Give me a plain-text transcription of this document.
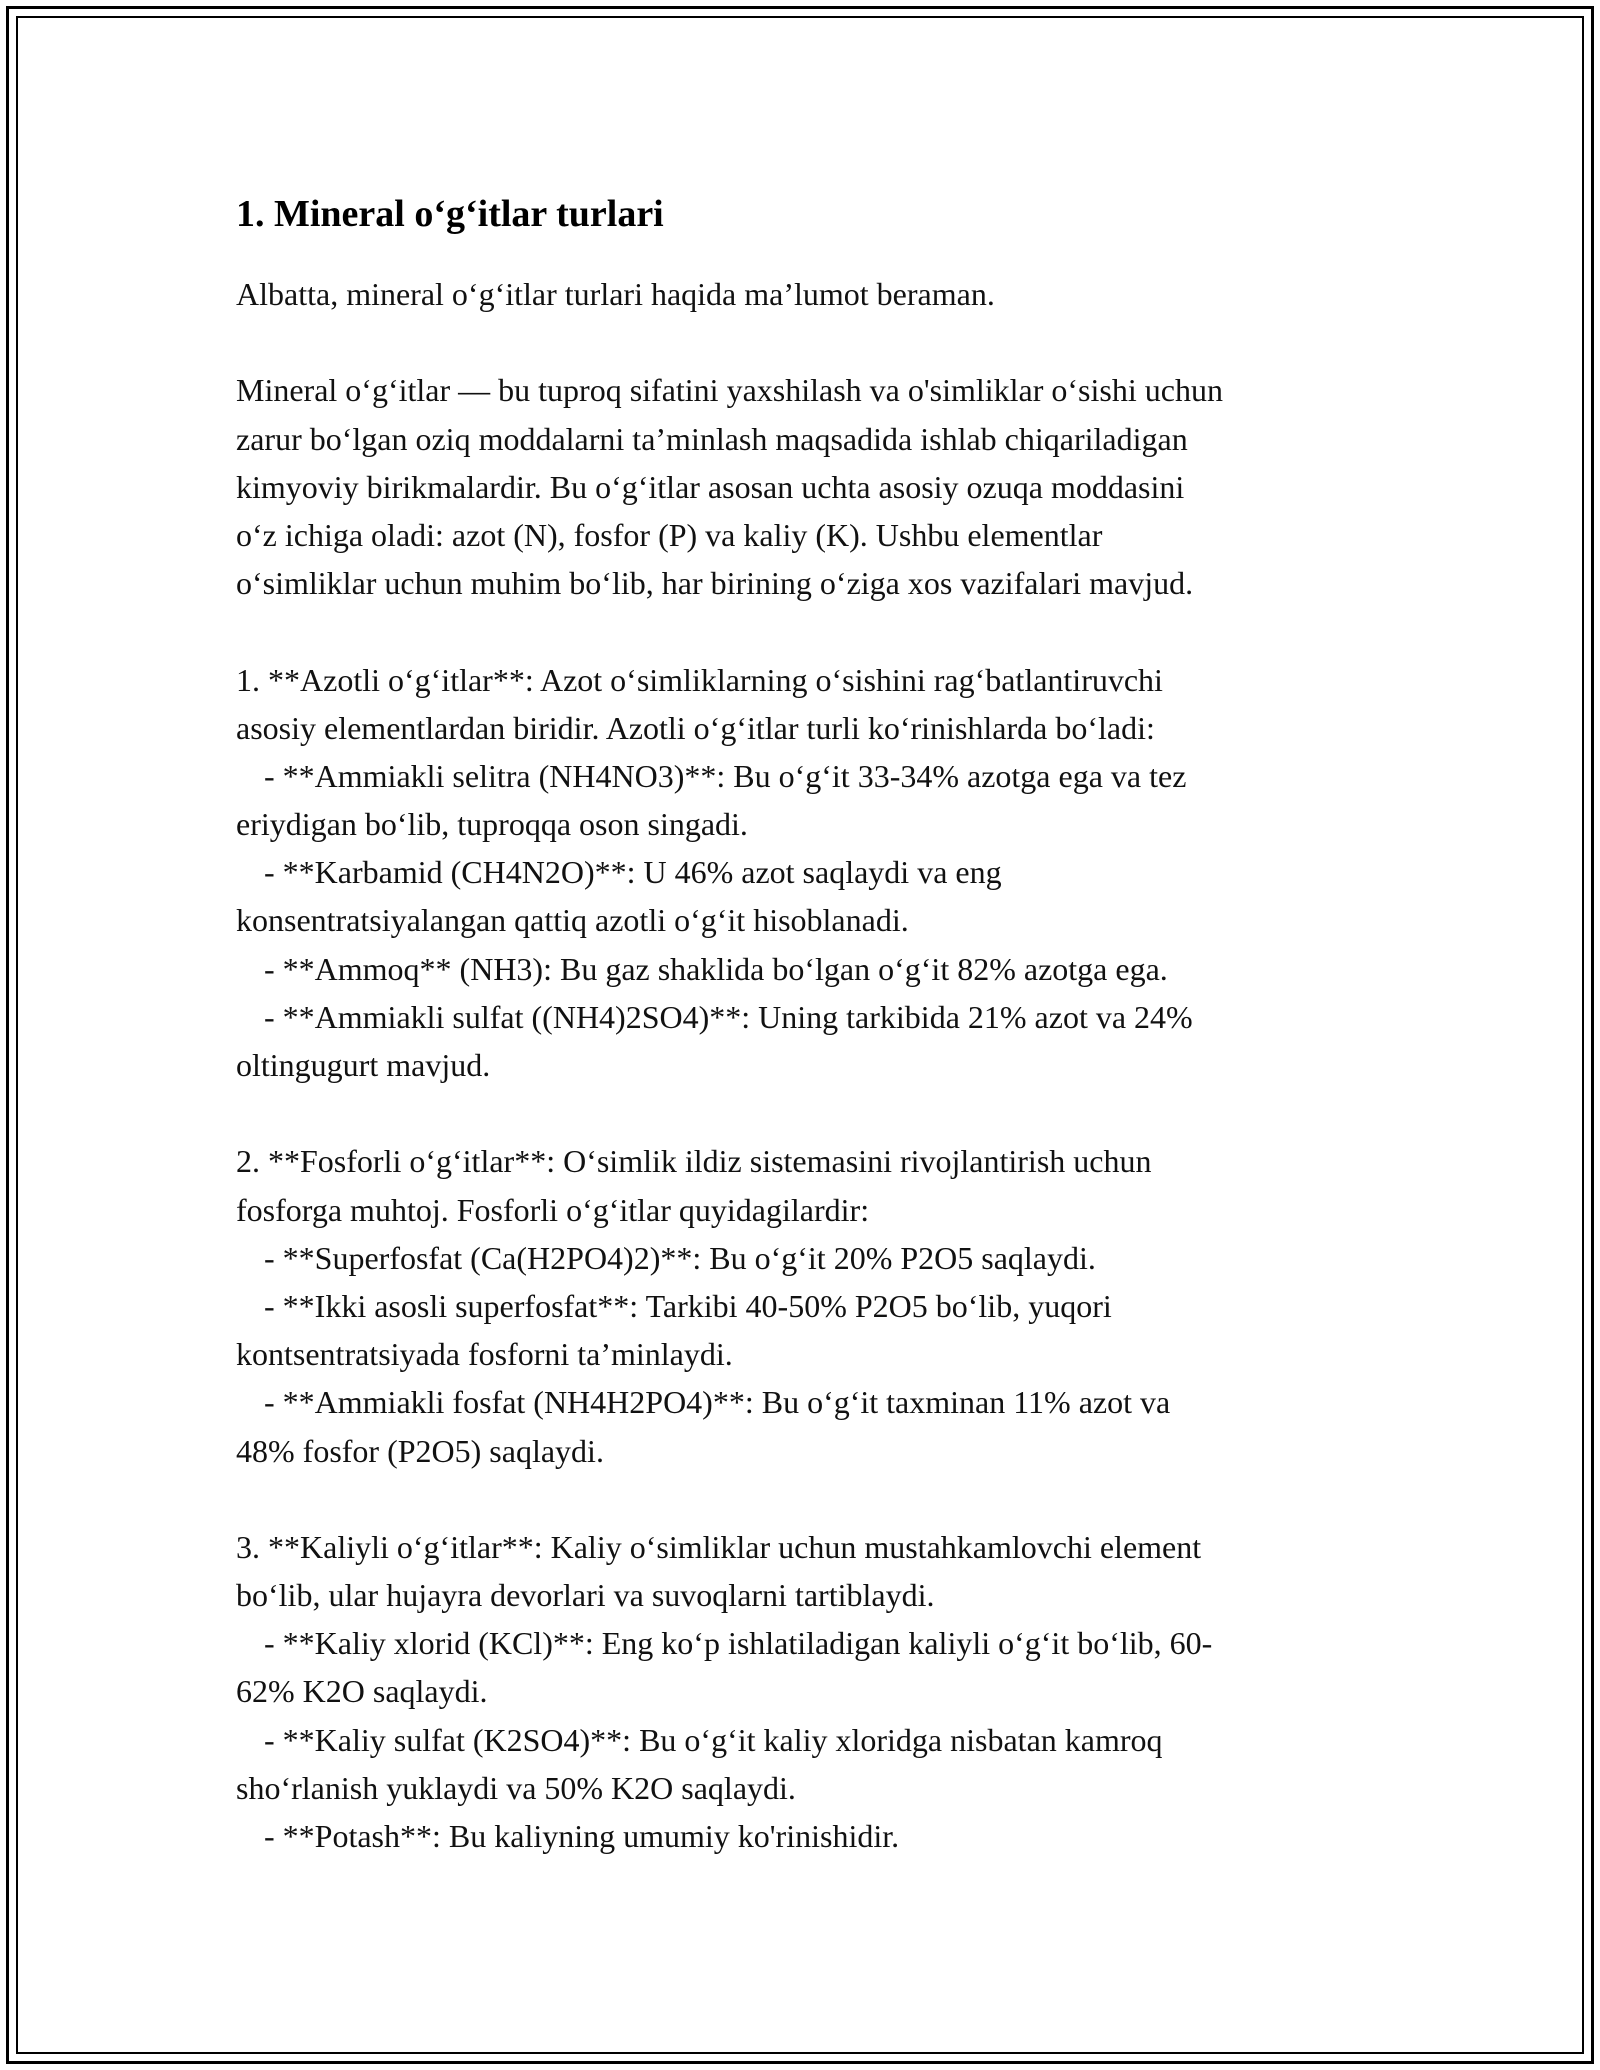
1. Mineral o‘g‘itlar turlari
Albatta, mineral o‘g‘itlar turlari haqida ma’lumot beraman.
Mineral o‘g‘itlar — bu tuproq sifatini yaxshilash va o'simliklar o‘sishi uchun
zarur bo‘lgan oziq moddalarni ta’minlash maqsadida ishlab chiqariladigan
kimyoviy birikmalardir. Bu o‘g‘itlar asosan uchta asosiy ozuqa moddasini
o‘z ichiga oladi: azot (N), fosfor (P) va kaliy (K). Ushbu elementlar
o‘simliklar uchun muhim bo‘lib, har birining o‘ziga xos vazifalari mavjud.
1. **Azotli o‘g‘itlar**: Azot o‘simliklarning o‘sishini rag‘batlantiruvchi
asosiy elementlardan biridir. Azotli o‘g‘itlar turli ko‘rinishlarda bo‘ladi:
- **Ammiakli selitra (NH4NO3)**: Bu o‘g‘it 33-34% azotga ega va tez
eriydigan bo‘lib, tuproqqa oson singadi.
- **Karbamid (CH4N2O)**: U 46% azot saqlaydi va eng
konsentratsiyalangan qattiq azotli o‘g‘it hisoblanadi.
- **Ammoq** (NH3): Bu gaz shaklida bo‘lgan o‘g‘it 82% azotga ega.
- **Ammiakli sulfat ((NH4)2SO4)**: Uning tarkibida 21% azot va 24%
oltingugurt mavjud.
2. **Fosforli o‘g‘itlar**: O‘simlik ildiz sistemasini rivojlantirish uchun
fosforga muhtoj. Fosforli o‘g‘itlar quyidagilardir:
- **Superfosfat (Ca(H2PO4)2)**: Bu o‘g‘it 20% P2O5 saqlaydi.
- **Ikki asosli superfosfat**: Tarkibi 40-50% P2O5 bo‘lib, yuqori
kontsentratsiyada fosforni ta’minlaydi.
- **Ammiakli fosfat (NH4H2PO4)**: Bu o‘g‘it taxminan 11% azot va
48% fosfor (P2O5) saqlaydi.
3. **Kaliyli o‘g‘itlar**: Kaliy o‘simliklar uchun mustahkamlovchi element
bo‘lib, ular hujayra devorlari va suvoqlarni tartiblaydi.
- **Kaliy xlorid (KCl)**: Eng ko‘p ishlatiladigan kaliyli o‘g‘it bo‘lib, 60-
62% K2O saqlaydi.
- **Kaliy sulfat (K2SO4)**: Bu o‘g‘it kaliy xloridga nisbatan kamroq
sho‘rlanish yuklaydi va 50% K2O saqlaydi.
- **Potash**: Bu kaliyning umumiy ko'rinishidir.
